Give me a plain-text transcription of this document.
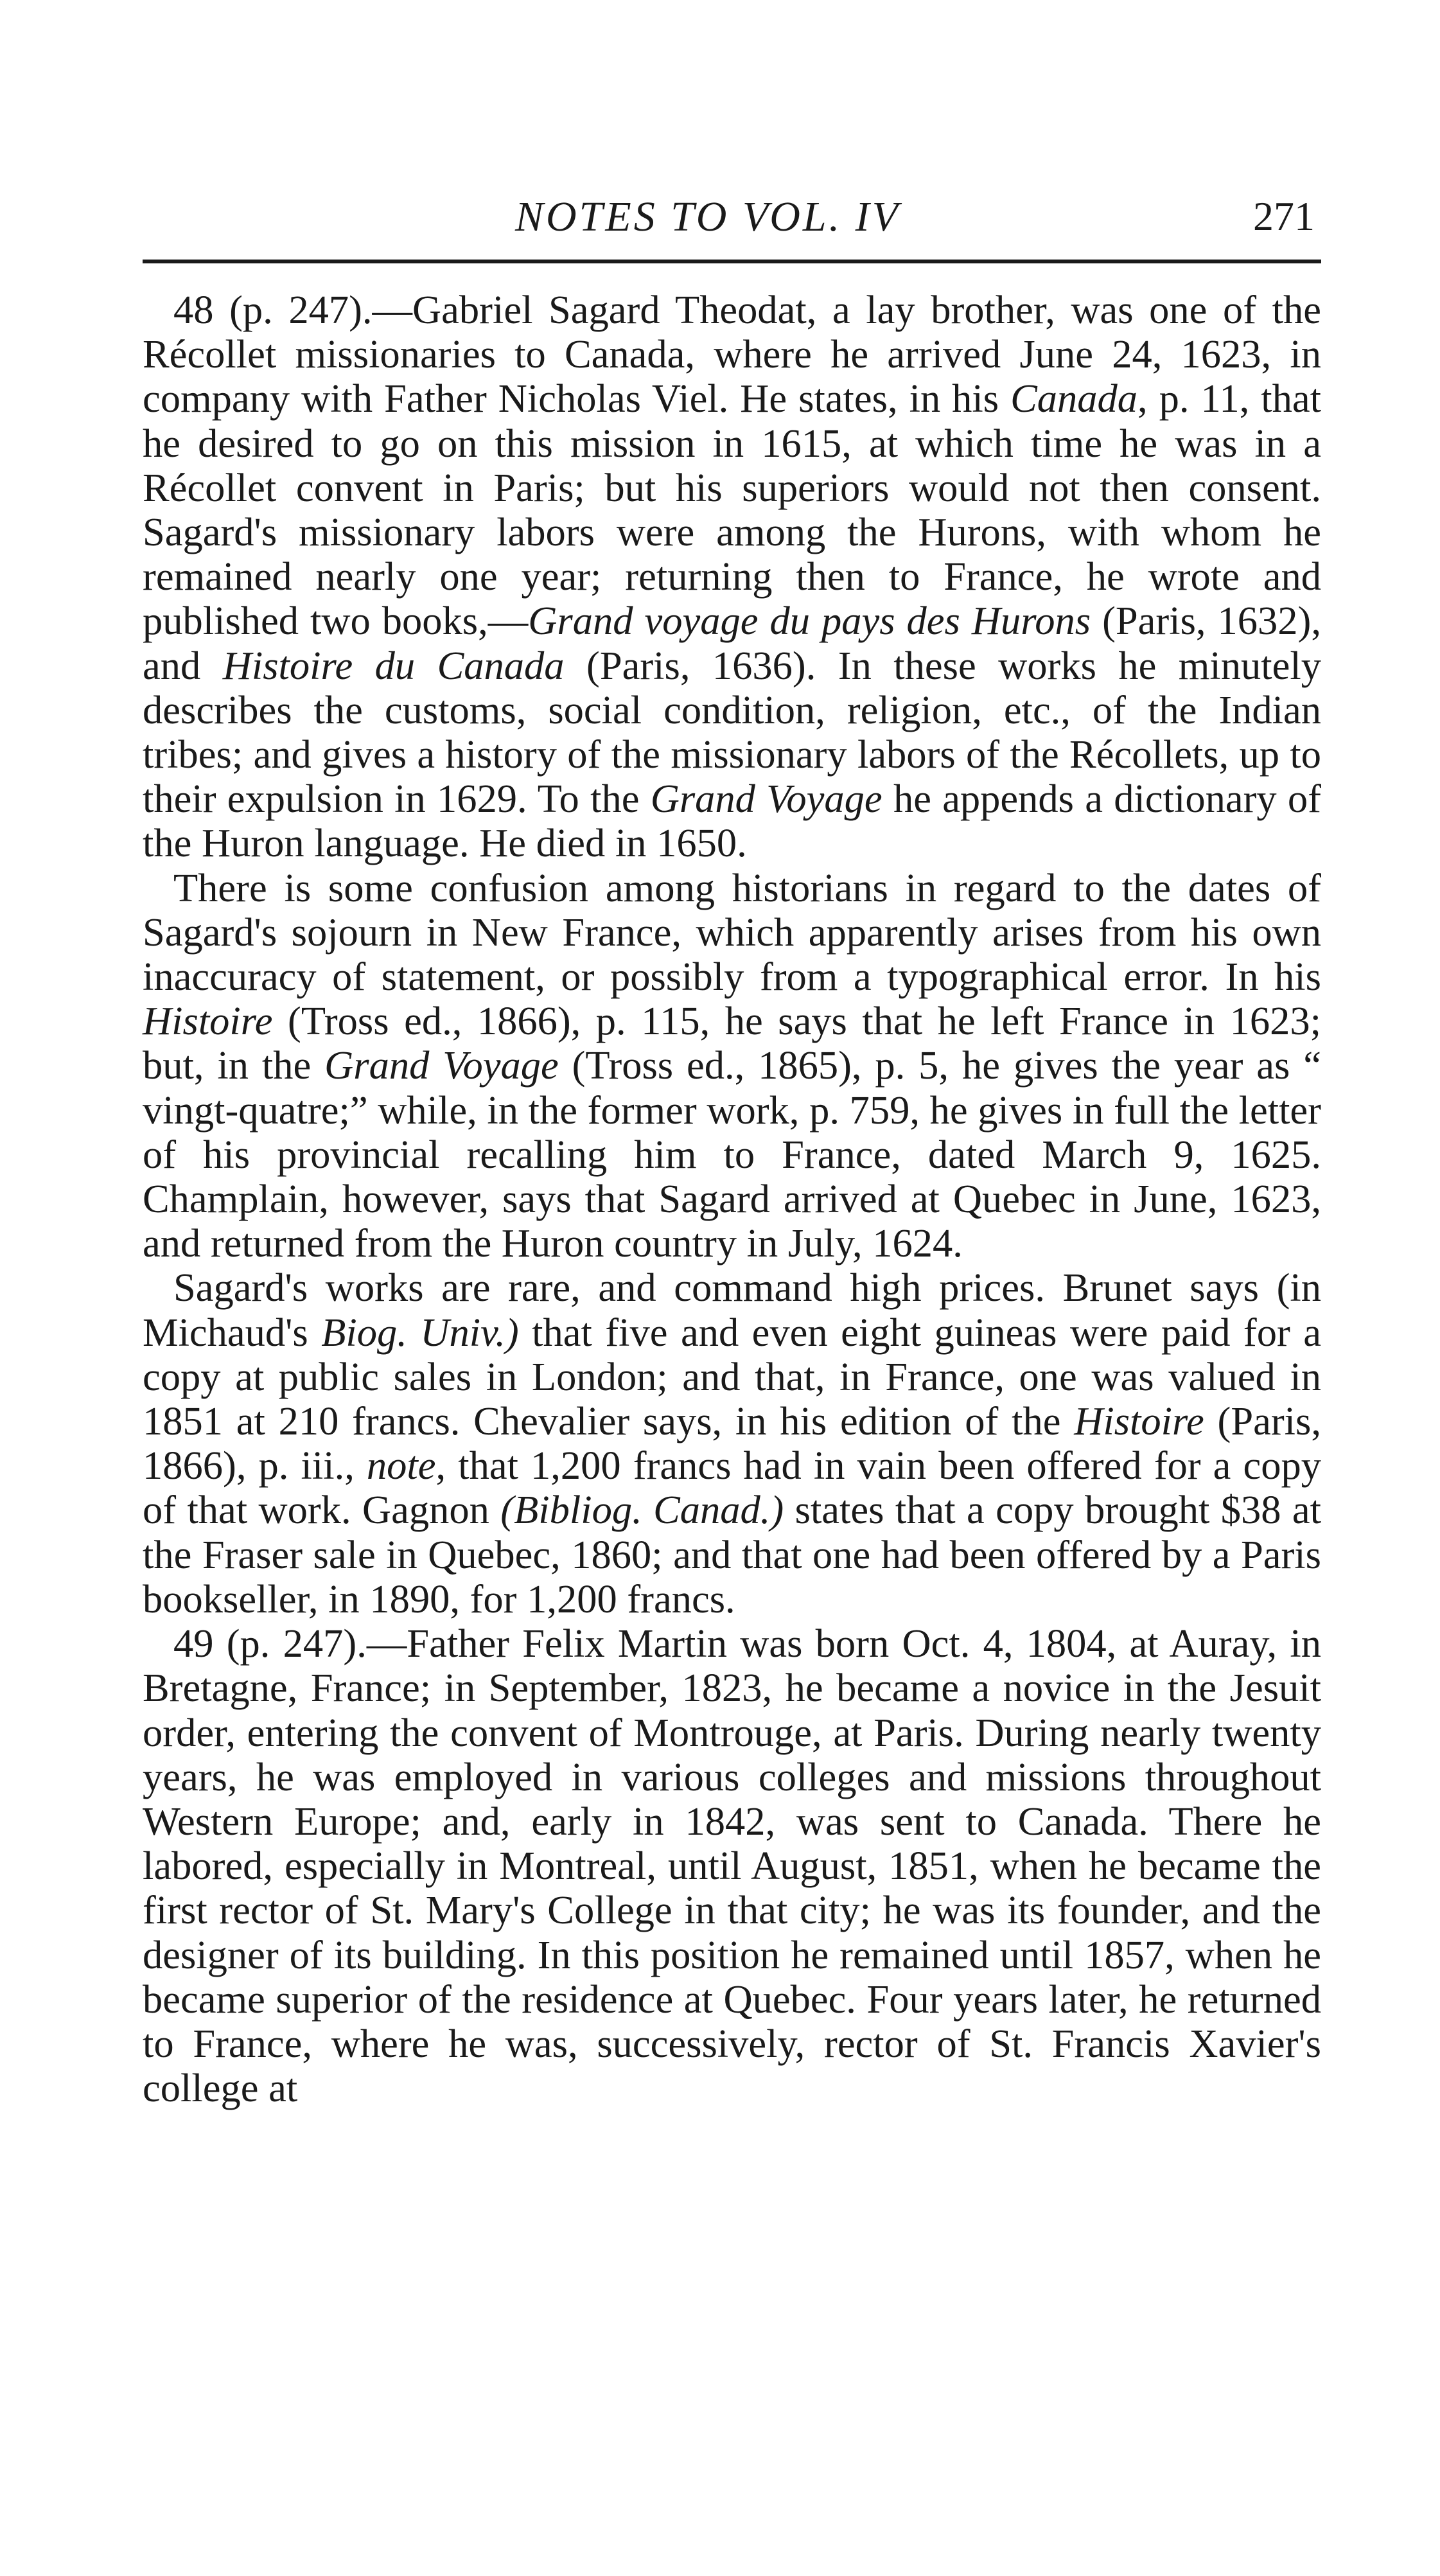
NOTES TO VOL. IV	271

48 (p. 247).—Gabriel Sagard Theodat, a lay brother, was one of the Récollet missionaries to Canada, where he arrived June 24, 1623, in company with Father Nicholas Viel. He states, in his Canada, p. 11, that he desired to go on this mission in 1615, at which time he was in a Récollet convent in Paris; but his superiors would not then consent. Sagard's missionary labors were among the Hurons, with whom he remained nearly one year; returning then to France, he wrote and published two books,—Grand voyage du pays des Hurons (Paris, 1632), and Histoire du Canada (Paris, 1636). In these works he minutely describes the customs, social condition, religion, etc., of the Indian tribes; and gives a history of the missionary labors of the Récollets, up to their expulsion in 1629. To the Grand Voyage he appends a dictionary of the Huron language. He died in 1650.

There is some confusion among historians in regard to the dates of Sagard's sojourn in New France, which apparently arises from his own inaccuracy of statement, or possibly from a typographical error. In his Histoire (Tross ed., 1866), p. 115, he says that he left France in 1623; but, in the Grand Voyage (Tross ed., 1865), p. 5, he gives the year as “ vingt-quatre;” while, in the former work, p. 759, he gives in full the letter of his provincial recalling him to France, dated March 9, 1625. Champlain, however, says that Sagard arrived at Quebec in June, 1623, and returned from the Huron country in July, 1624.

Sagard's works are rare, and command high prices. Brunet says (in Michaud's Biog. Univ.) that five and even eight guineas were paid for a copy at public sales in London; and that, in France, one was valued in 1851 at 210 francs. Chevalier says, in his edition of the Histoire (Paris, 1866), p. iii., note, that 1,200 francs had in vain been offered for a copy of that work. Gagnon (Bibliog. Canad.) states that a copy brought $38 at the Fraser sale in Quebec, 1860; and that one had been offered by a Paris bookseller, in 1890, for 1,200 francs.

49 (p. 247).—Father Felix Martin was born Oct. 4, 1804, at Auray, in Bretagne, France; in September, 1823, he became a novice in the Jesuit order, entering the convent of Montrouge, at Paris. During nearly twenty years, he was employed in various colleges and missions throughout Western Europe; and, early in 1842, was sent to Canada. There he labored, especially in Montreal, until August, 1851, when he became the first rector of St. Mary's College in that city; he was its founder, and the designer of its building. In this position he remained until 1857, when he became superior of the residence at Quebec. Four years later, he returned to France, where he was, successively, rector of St. Francis Xavier's college at
